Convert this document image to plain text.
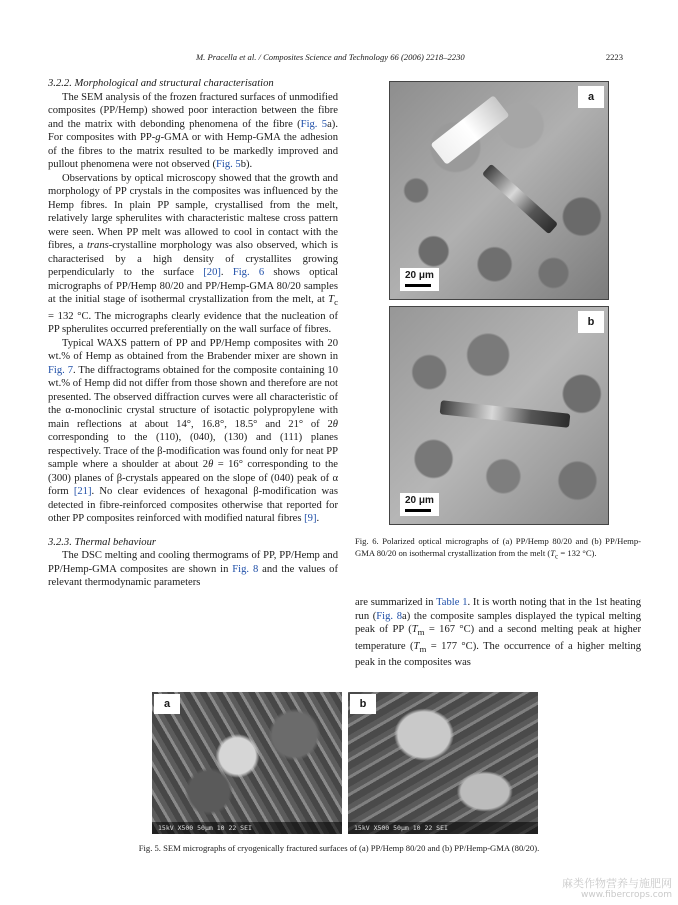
M. Pracella et al. / Composites Science and Technology 66 (2006) 2218–2230	2223
3.2.2. Morphological and structural characterisation

The SEM analysis of the frozen fractured surfaces of unmodified composites (PP/Hemp) showed poor interaction between the fibre and the matrix with debonding phenomena of the fibre (Fig. 5a). For composites with PP-g-GMA or with Hemp-GMA the adhesion of the fibres to the matrix resulted to be markedly improved and pullout phenomena were not observed (Fig. 5b).

Observations by optical microscopy showed that the growth and morphology of PP crystals in the composites was influenced by the Hemp fibres. In plain PP sample, crystallised from the melt, relatively large spherulites with characteristic maltese cross pattern were seen. When PP melt was allowed to cool in contact with the fibres, a trans-crystalline morphology was also observed, which is characterised by a high density of crystallites growing perpendicularly to the surface [20]. Fig. 6 shows optical micrographs of PP/Hemp 80/20 and PP/Hemp-GMA 80/20 samples at the initial stage of isothermal crystallization from the melt, at $T_c = 132$ °C. The micrographs clearly evidence that the nucleation of PP spherulites occurred preferentially on the wall surface of fibres.

Typical WAXS pattern of PP and PP/Hemp composites with 20 wt.% of Hemp as obtained from the Brabender mixer are shown in Fig. 7. The diffractograms obtained for the composite containing 10 wt.% of Hemp did not differ from those shown and therefore are not presented. The observed diffraction curves were all characteristic of the α-monoclinic crystal structure of isotactic polypropylene with main reflections at about 14°, 16.8°, 18.5° and 21° of 2θ corresponding to the (110), (040), (130) and (111) planes respectively. Trace of the β-modification was found only for neat PP sample where a shoulder at about 2θ = 16° corresponding to the (300) planes of β-crystals appeared on the slope of (040) peak of α form [21]. No clear evidences of hexagonal β-modification was detected in fibre-reinforced composites otherwise that reported for other PP composites reinforced with modified natural fibres [9].

3.2.3. Thermal behaviour

The DSC melting and cooling thermograms of PP, PP/Hemp and PP/Hemp-GMA composites are shown in Fig. 8 and the values of relevant thermodynamic parameters

a
20 μm
b
20 μm
Fig. 6. Polarized optical micrographs of (a) PP/Hemp 80/20 and (b) PP/Hemp-GMA 80/20 on isothermal crystallization from the melt ($T_c = 132$ °C).

are summarized in Table 1. It is worth noting that in the 1st heating run (Fig. 8a) the composite samples displayed the typical melting peak of PP ($T_m = 167$ °C) and a second melting peak at higher temperature ($T_m = 177$ °C). The occurrence of a higher melting peak in the composites was

a
15kV X500 50μm 10 22 SEI
b
15kV X500 50μm 10 22 SEI
Fig. 5. SEM micrographs of cryogenically fractured surfaces of (a) PP/Hemp 80/20 and (b) PP/Hemp-GMA (80/20).
麻类作物营养与施肥网
www.fibercrops.com
